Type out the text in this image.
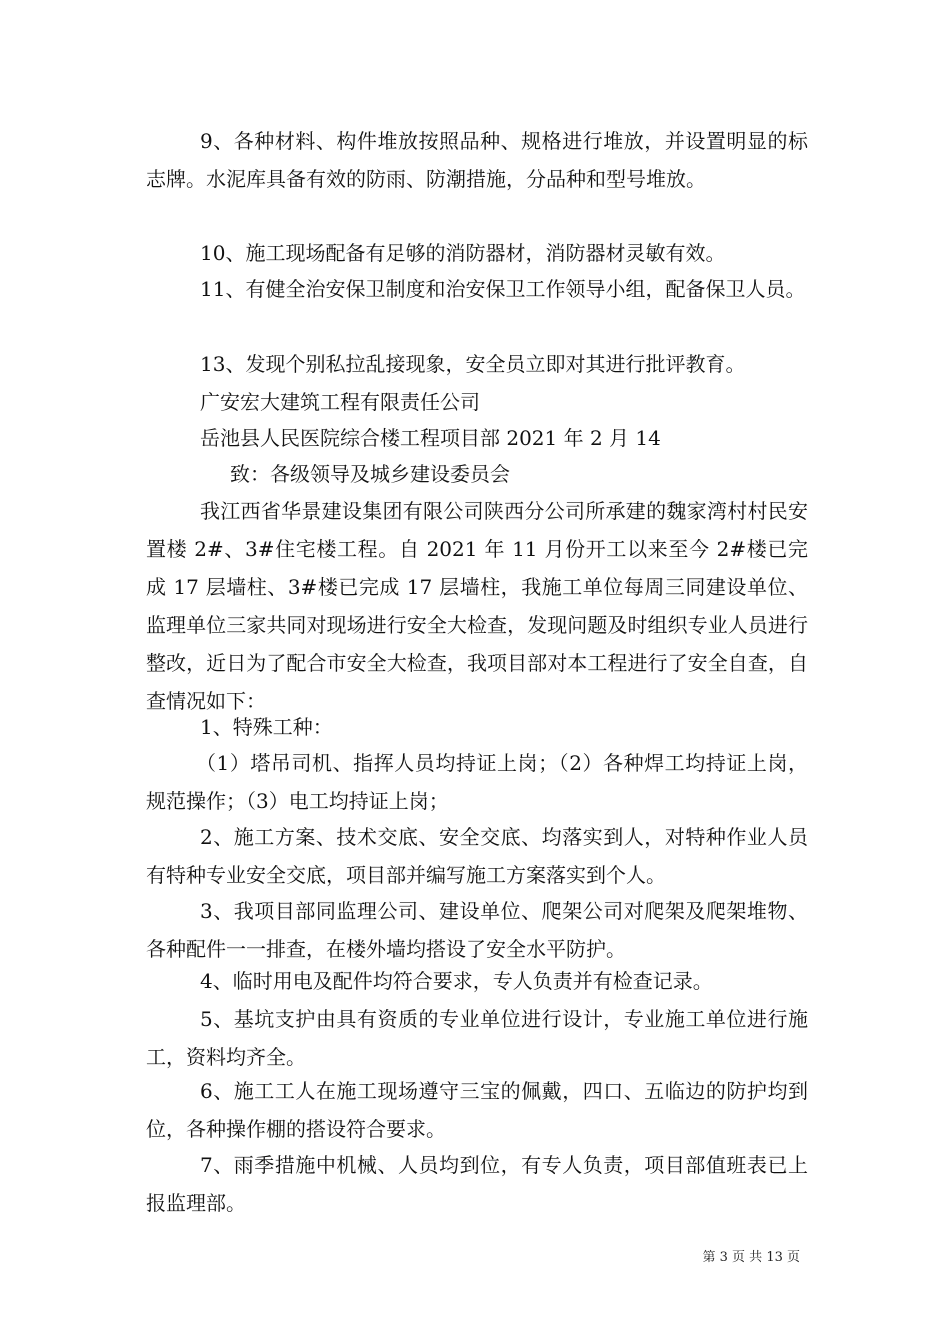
9、各种材料、构件堆放按照品种、规格进行堆放，并设置明显的标志牌。水泥库具备有效的防雨、防潮措施，分品种和型号堆放。

10、施工现场配备有足够的消防器材，消防器材灵敏有效。

11、有健全治安保卫制度和治安保卫工作领导小组，配备保卫人员。

13、发现个别私拉乱接现象，安全员立即对其进行批评教育。

广安宏大建筑工程有限责任公司

岳池县人民医院综合楼工程项目部 2021 年 2 月 14

致：各级领导及城乡建设委员会

我江西省华景建设集团有限公司陕西分公司所承建的魏家湾村村民安置楼 2#、3#住宅楼工程。自 2021 年 11 月份开工以来至今 2#楼已完成 17 层墙柱、3#楼已完成 17 层墙柱，我施工单位每周三同建设单位、监理单位三家共同对现场进行安全大检查，发现问题及时组织专业人员进行整改，近日为了配合市安全大检查，我项目部对本工程进行了安全自查，自查情况如下：

1、特殊工种：

（1）塔吊司机、指挥人员均持证上岗；（2）各种焊工均持证上岗，规范操作；（3）电工均持证上岗；

2、施工方案、技术交底、安全交底、均落实到人，对特种作业人员有特种专业安全交底，项目部并编写施工方案落实到个人。

3、我项目部同监理公司、建设单位、爬架公司对爬架及爬架堆物、各种配件一一排查，在楼外墙均搭设了安全水平防护。

4、临时用电及配件均符合要求，专人负责并有检查记录。

5、基坑支护由具有资质的专业单位进行设计，专业施工单位进行施工，资料均齐全。

6、施工工人在施工现场遵守三宝的佩戴，四口、五临边的防护均到位，各种操作棚的搭设符合要求。

7、雨季措施中机械、人员均到位，有专人负责，项目部值班表已上报监理部。

第 3 页 共 13 页
